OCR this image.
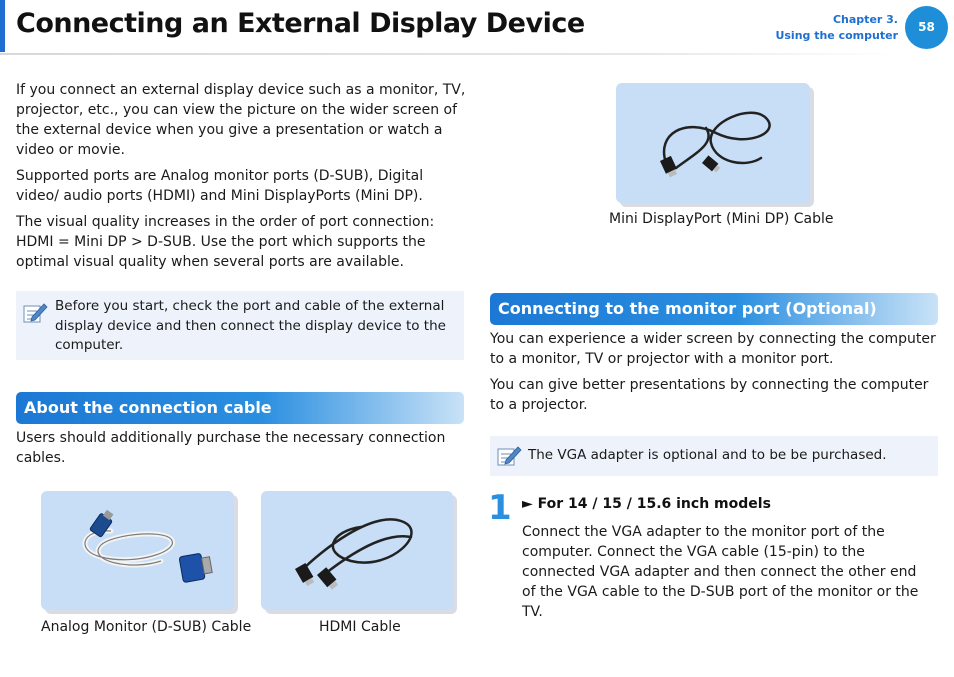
Connecting an External Display Device	Chapter 3.
Using the computer
58

If you connect an external display device such as a monitor, TV, projector, etc., you can view the picture on the wider screen of the external device when you give a presentation or watch a video or movie.

Supported ports are Analog monitor ports (D-SUB), Digital video/ audio ports (HDMI) and Mini DisplayPorts (Mini DP).

The visual quality increases in the order of port connection: HDMI = Mini DP > D-SUB. Use the port which supports the optimal visual quality when several ports are available.

Before you start, check the port and cable of the external display device and then connect the display device to the computer.
About the connection cable
Users should additionally purchase the necessary connection cables.
Analog Monitor (D-SUB) Cable	HDMI Cable
Mini DisplayPort (Mini DP) Cable
Connecting to the monitor port (Optional)

You can experience a wider screen by connecting the computer to a monitor, TV or projector with a monitor port.

You can give better presentations by connecting the computer to a projector.

The VGA adapter is optional and to be be purchased.
1 ► For 14 / 15 / 15.6 inch models
Connect the VGA adapter to the monitor port of the computer. Connect the VGA cable (15-pin) to the connected VGA adapter and then connect the other end of the VGA cable to the D-SUB port of the monitor or the TV.
